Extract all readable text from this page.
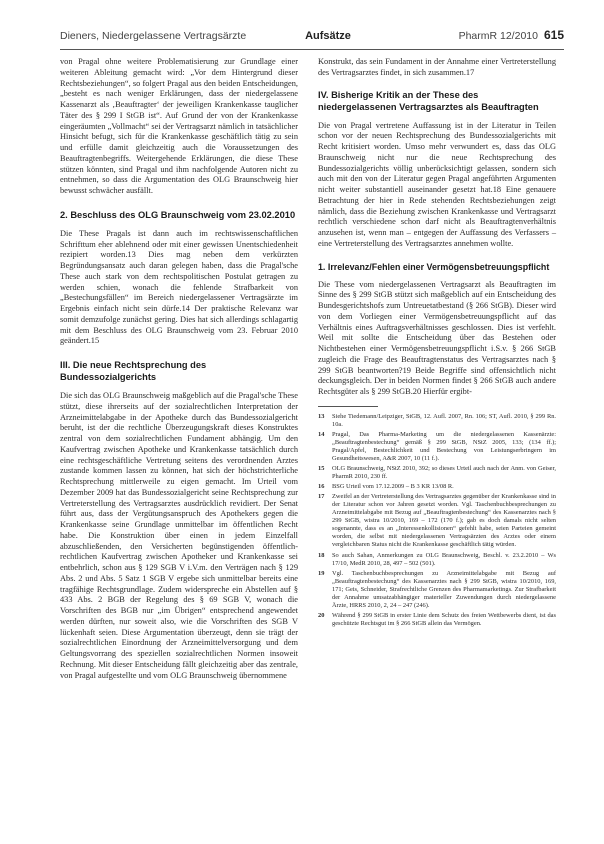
Dieners, Niedergelassene Vertragsärzte	Aufsätze	PharmR 12/2010 615

von Pragal ohne weitere Problematisierung zur Grundlage einer weiteren Ableitung gemacht wird: „Vor dem Hintergrund dieser Rechtsbeziehungen“, so folgert Pragal aus den beiden Entscheidungen, „besteht es nach weniger Erklärungen, dass der niedergelassene Kassenarzt als ‚Beauftragter‘ der jeweiligen Krankenkasse tauglicher Täter des § 299 I StGB ist“. Auf Grund der von der Krankenkasse eingeräumten „Vollmacht“ sei der Vertragsarzt nämlich in tatsächlicher Hinsicht befugt, sich für die Krankenkasse geschäftlich tätig zu sein und erfülle damit gleichzeitig auch die Voraussetzungen des Beauftragtenbegriffs. Weitergehende Erklärungen, die diese These stützen könnten, sind Pragal und ihm nachfolgende Autoren nicht zu entnehmen, so dass die Argumentation des OLG Braunschweig hier bewusst schwächer ausfällt.

2. Beschluss des OLG Braunschweig vom 23.02.2010

Die These Pragals ist dann auch im rechtswissenschaftlichen Schrifttum eher ablehnend oder mit einer gewissen Unentschiedenheit rezipiert worden.13 Dies mag neben dem verkürzten Begründungsansatz auch daran gelegen haben, dass die Pragal'sche These auch stark von dem rechtspolitischen Postulat getragen zu werden schien, wonach die fehlende Strafbarkeit von „Bestechungsfällen“ im Bereich niedergelassener Vertragsärzte im Ergebnis einfach nicht sein dürfe.14 Der praktische Relevanz war somit demzufolge zunächst gering. Dies hat sich allerdings schlagartig mit dem Beschluss des OLG Braunschweig vom 23. Februar 2010 geändert.15

III. Die neue Rechtsprechung des Bundessozialgerichts

Die sich das OLG Braunschweig maßgeblich auf die Pragal'sche These stützt, diese ihrerseits auf der sozialrechtlichen Interpretation der Arzneimittelabgabe in der Apotheke durch das Bundessozialgericht beruht, ist der die rechtliche Überzeugungskraft dieses Konstruktes zentral von dem sozialrechtlichen Fundament abhängig. Um den Kaufvertrag zwischen Apotheke und Krankenkasse tatsächlich durch eine rechtsgeschäftliche Vertretung seitens des verordnenden Arztes zustande kommen lassen zu können, hat sich der höchstrichterliche Rechtsprechung mittlerweile zu eigen gemacht. Im Urteil vom Dezember 2009 hat das Bundessozialgericht seine Rechtsprechung zur Vertreterstellung des Vertragsarztes ausdrücklich revidiert. Der Senat führt aus, dass der Vergütungsanspruch des Apothekers gegen die Krankenkasse seine Grundlage unmittelbar im öffentlichen Recht habe. Die Konstruktion über einen in jedem Einzelfall abzuschließenden, den Versicherten begünstigenden öffentlich-rechtlichen Kaufvertrag zwischen Apotheker und Krankenkasse sei entbehrlich, schon aus § 129 SGB V i.V.m. den Verträgen nach § 129 Abs. 2 und Abs. 5 Satz 1 SGB V ergebe sich unmittelbar bereits eine tragfähige Rechtsgrundlage. Zudem widerspreche ein Abstellen auf § 433 Abs. 2 BGB der Regelung des § 69 SGB V, wonach die Vorschriften des BGB nur „im Übrigen“ entsprechend angewendet werden dürften, nur soweit also, wie die Vorschriften des SGB V lückenhaft seien. Diese Argumentation überzeugt, denn sie trägt der sozialrechtlichen Einordnung der Arzneimittelversorgung und dem Geltungsvorrang des speziellen sozialrechtlichen Normen insoweit Rechnung. Mit dieser Entscheidung fällt gleichzeitig aber das zentrale, von Pragal aufgestellte und vom OLG Braunschweig übernommene

Konstrukt, das sein Fundament in der Annahme einer Vertreterstellung des Vertragsarztes findet, in sich zusammen.17

IV. Bisherige Kritik an der These des niedergelassenen Vertragsarztes als Beauftragten

Die von Pragal vertretene Auffassung ist in der Literatur in Teilen schon vor der neuen Rechtsprechung des Bundessozialgerichts mit Recht kritisiert worden. Umso mehr verwundert es, dass das OLG Braunschweig nicht nur die neue Rechtsprechung des Bundessozialgerichts völlig unberücksichtigt gelassen, sondern sich auch mit den von der Literatur gegen Pragal angeführten Argumenten nicht weiter substantiell auseinander gesetzt hat.18 Eine genauere Betrachtung der hier in Rede stehenden Rechtsbeziehungen zeigt nämlich, dass die Beziehung zwischen Krankenkasse und Vertragsarzt rechtlich verschiedene schon darf nicht als Beauftragtenverhältnis anzusehen ist, wenn man – entgegen der Auffassung des Verfassers – eine Vertreterstellung des Vertragsarztes annehmen wollte.

1. Irrelevanz/Fehlen einer Vermögensbetreuungspflicht

Die These vom niedergelassenen Vertragsarzt als Beauftragten im Sinne des § 299 StGB stützt sich maßgeblich auf ein Entscheidung des Bundesgerichtshofs zum Untreuetatbestand (§ 266 StGB). Dieser wird von dem Vorliegen einer Vermögensbetreuungspflicht auf das Verhältnis eines Auftragsverhältnisses geschlossen. Dies ist verfehlt. Weil mit sollte die Entscheidung über das Bestehen oder Nichtbestehen einer Vermögensbetreuungspflicht i.S.v. § 266 StGB zugleich die Frage des Beauftragtenstatus des Vertragsarztes nach § 299 StGB beantworten?19 Beide Begriffe sind offensichtlich nicht deckungsgleich. Der in beiden Normen findet § 266 StGB auch andere Rechtsgüter als § 299 StGB.20 Hierfür ergibt-

13	Siehe Tiedemann/Leipziger, StGB, 12. Aufl. 2007, Rn. 106; ST, Aufl. 2010, § 299 Rn. 10a.
14	Pragal, Das Pharma-Marketing um die niedergelassenen Kassenärzte: „Beauftragtenbestechung“ gemäß § 299 StGB, NStZ 2005, 133; (134 ff.); Pragal/Apfel, Bestechlichkeit und Bestechung von Leistungserbringern im Gesundheitswesen, A&R 2007, 10 (11 f.).
15	OLG Braunschweig, NStZ 2010, 392; so dieses Urteil auch nach der Anm. von Geiser, PharmR 2010, 230 ff.
16	BSG Urteil vom 17.12.2009 – B 3 KR 13/08 R.
17	Zweifel an der Vertreterstellung des Vertragsarztes gegenüber der Krankenkasse sind in der Literatur schon vor Jahren gesetzt worden. Vgl. Taschenbuchbesprechungen zu Arzneimittelabgabe mit Bezug auf „Beauftragtenbestechung“ des Kassenarztes nach § 299 StGB, wistra 10/2010, 169 – 172 (170 f.); gab es doch damals nicht selten sogenannte, dass es an „Interessenkollisionen“ gefehlt habe, seien Parteien gemeint worden, die selbst mit niedergelassenen Vertragsärzten des Arztes oder einem vergleichbaren Status nicht die Krankenkasse geschäftlich tätig würden.
18	So auch Sahan, Anmerkungen zu OLG Braunschweig, Beschl. v. 23.2.2010 – Ws 17/10, MedR 2010, 28, 497 – 502 (501).
19	Vgl. Taschenbuchbesprechungen zu Arzneimittelabgabe mit Bezug auf „Beauftragtenbestechung“ des Kassenarztes nach § 299 StGB, wistra 10/2010, 169, 171; Geis, Schneider, Strafrechtliche Grenzen des Pharmamarketings. Zur Strafbarkeit der Annahme umsatzabhängiger materieller Zuwendungen durch niedergelassene Ärzte, HRRS 2010, 2, 24 – 247 (246).
20	Während § 299 StGB in erster Linie dem Schutz des freien Wettbewerbs dient, ist das geschützte Rechtsgut im § 266 StGB allein das Vermögen.
